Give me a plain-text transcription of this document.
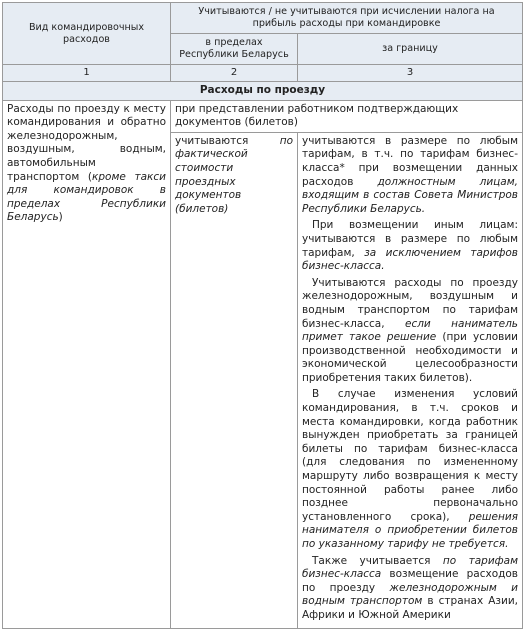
Вид командировочных расходов	Учитываются / не учитываются при исчислении налога на прибыль расходы при командировке	
	в пределах Республики Беларусь	за границу
1	2	3
Расходы по проезду		
Расходы по проезду к месту командирования и обратно железнодорожным, воздушным, водным, автомобильным транспортом (кроме такси для командировок в пределах Республики Беларусь)	при представлении работником подтверждающих документов (билетов)	
	учитываются по фактической стоимости проездных документов (билетов)	учитываются в размере по любым тарифам, в т.ч. по тарифам бизнес-класса* при возмещении данных расходов должностным лицам, входящим в состав Совета Министров Республики Беларусь.

При возмещении иным лицам: учитываются в размере по любым тарифам, за исключением тарифов бизнес-класса.

Учитываются расходы по проезду железнодорожным, воздушным и водным транспортом по тарифам бизнес-класса, если наниматель примет такое решение (при условии производственной необходимости и экономической целесообразности приобретения таких билетов).

В случае изменения условий командирования, в т.ч. сроков и места командировки, когда работник вынужден приобретать за границей билеты по тарифам бизнес-класса (для следования по измененному маршруту либо возвращения к месту постоянной работы ранее либо позднее первоначально установленного срока), решения нанимателя о приобретении билетов по указанному тарифу не требуется.

Также учитывается по тарифам бизнес-класса возмещение расходов по проезду железнодорожным и водным транспортом в странах Азии, Африки и Южной Америки
